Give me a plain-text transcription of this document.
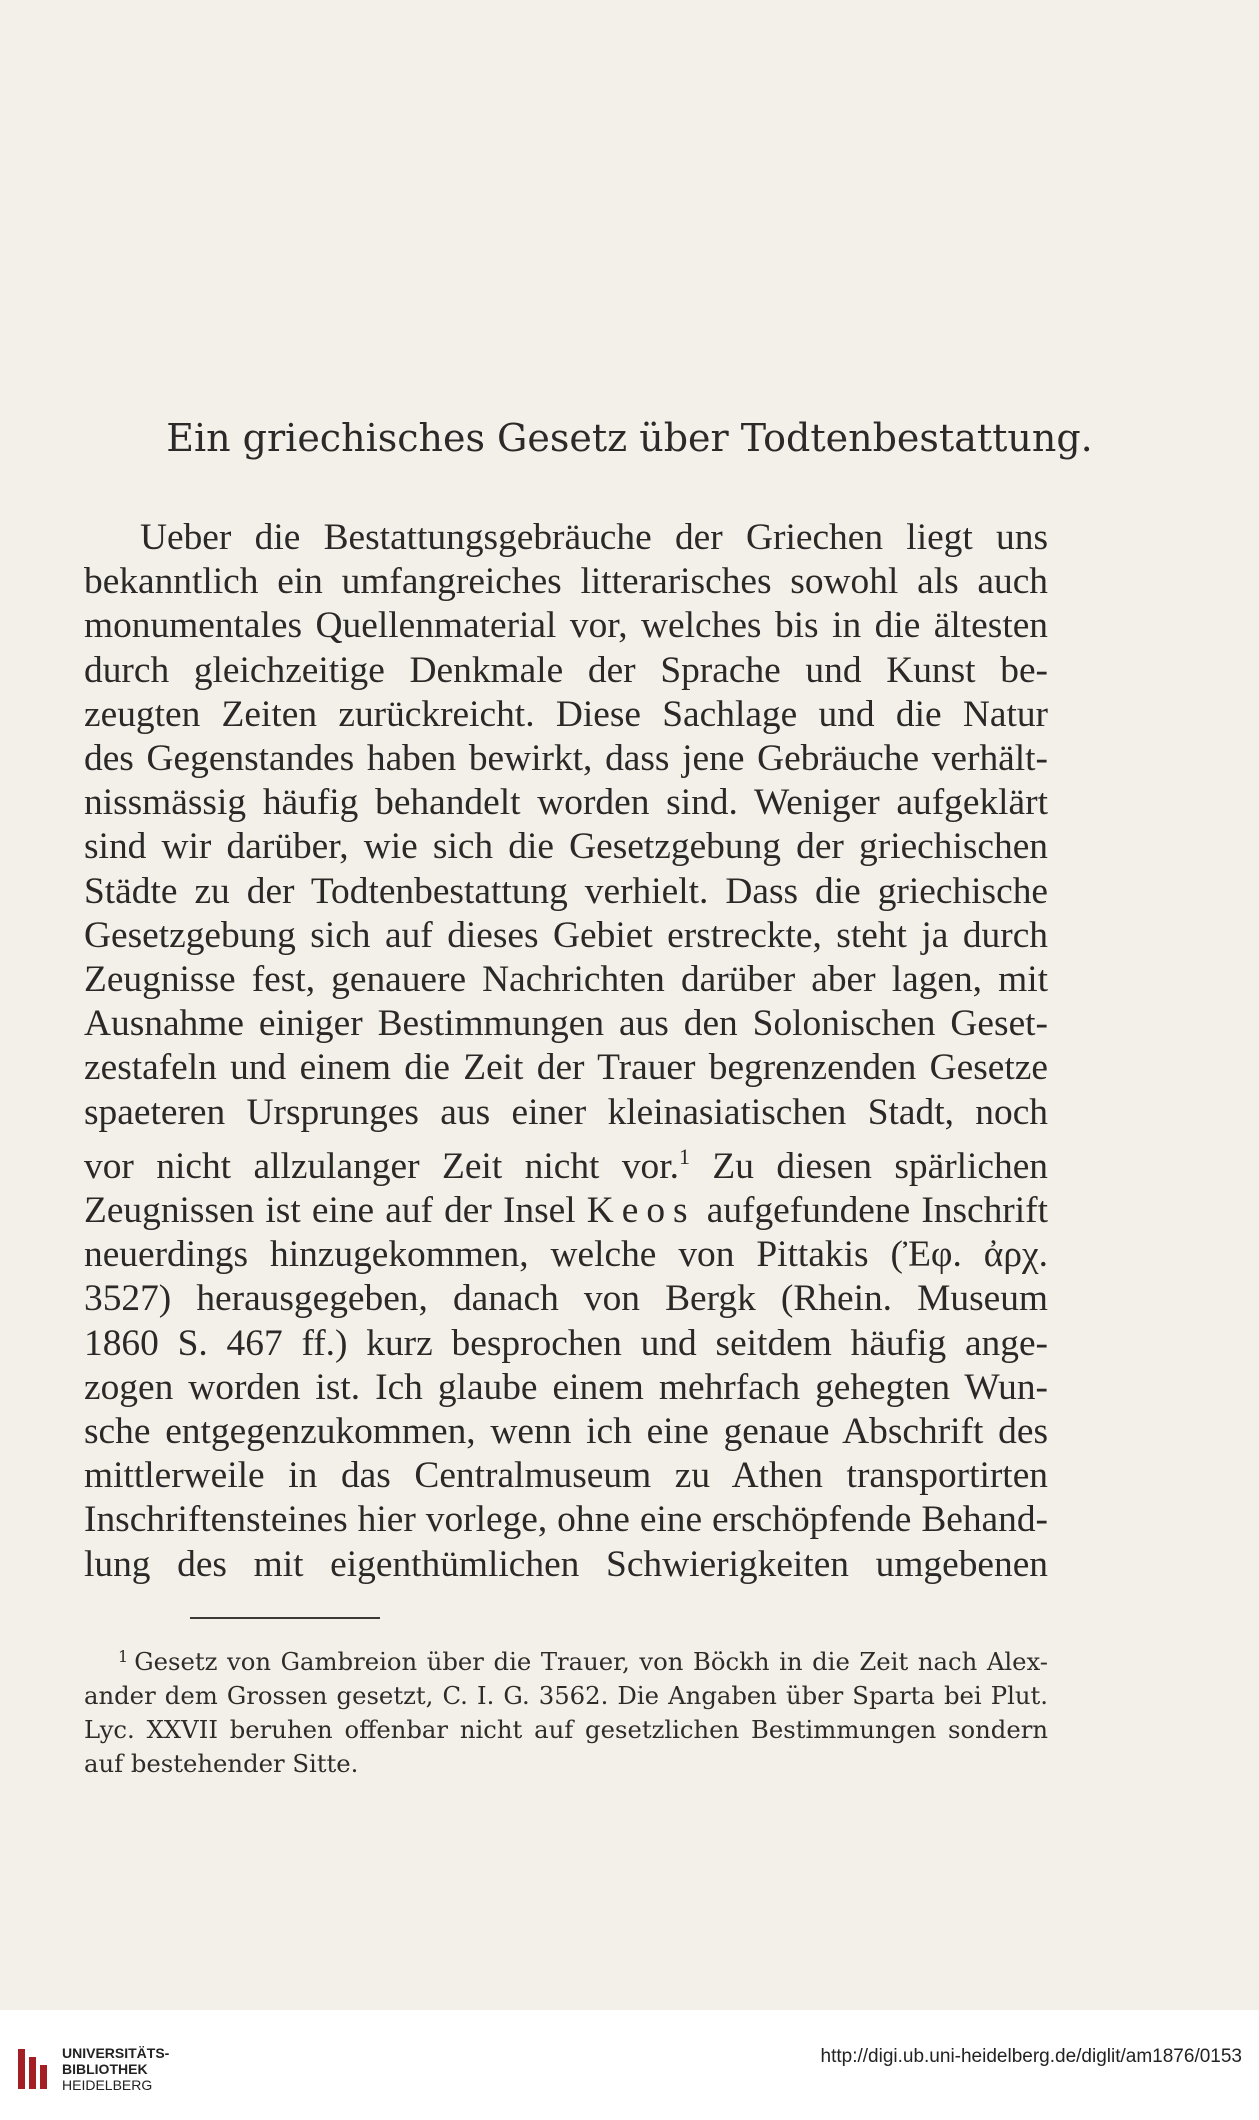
Ein griechisches Gesetz über Todtenbestattung.
Ueber die Bestattungsgebräuche der Griechen liegt uns
bekanntlich ein umfangreiches litterarisches sowohl als auch
monumentales Quellenmaterial vor, welches bis in die ältesten
durch gleichzeitige Denkmale der Sprache und Kunst be-
zeugten Zeiten zurückreicht. Diese Sachlage und die Natur
des Gegenstandes haben bewirkt, dass jene Gebräuche verhält-
nissmässig häufig behandelt worden sind. Weniger aufgeklärt
sind wir darüber, wie sich die Gesetzgebung der griechischen
Städte zu der Todtenbestattung verhielt. Dass die griechische
Gesetzgebung sich auf dieses Gebiet erstreckte, steht ja durch
Zeugnisse fest, genauere Nachrichten darüber aber lagen, mit
Ausnahme einiger Bestimmungen aus den Solonischen Geset-
zestafeln und einem die Zeit der Trauer begrenzenden Gesetze
spaeteren Ursprunges aus einer kleinasiatischen Stadt, noch
vor nicht allzulanger Zeit nicht vor.$^1$ Zu diesen spärlichen
Zeugnissen ist eine auf der Insel Keos aufgefundene Inschrift
neuerdings hinzugekommen, welche von Pittakis (Ἐφ. ἀρχ.
3527) herausgegeben, danach von Bergk (Rhein. Museum
1860 S. 467 ff.) kurz besprochen und seitdem häufig ange-
zogen worden ist. Ich glaube einem mehrfach gehegten Wun-
sche entgegenzukommen, wenn ich eine genaue Abschrift des
mittlerweile in das Centralmuseum zu Athen transportirten
Inschriftensteines hier vorlege, ohne eine erschöpfende Behand-
lung des mit eigenthümlichen Schwierigkeiten umgebenen
$^1$ Gesetz von Gambreion über die Trauer, von Böckh in die Zeit nach Alex-
ander dem Grossen gesetzt, C. I. G. 3562. Die Angaben über Sparta bei Plut.
Lyc. XXVII beruhen offenbar nicht auf gesetzlichen Bestimmungen sondern
auf bestehender Sitte.
UNIVERSITÄTS-
BIBLIOTHEK
HEIDELBERG
http://digi.ub.uni-heidelberg.de/diglit/am1876/0153
